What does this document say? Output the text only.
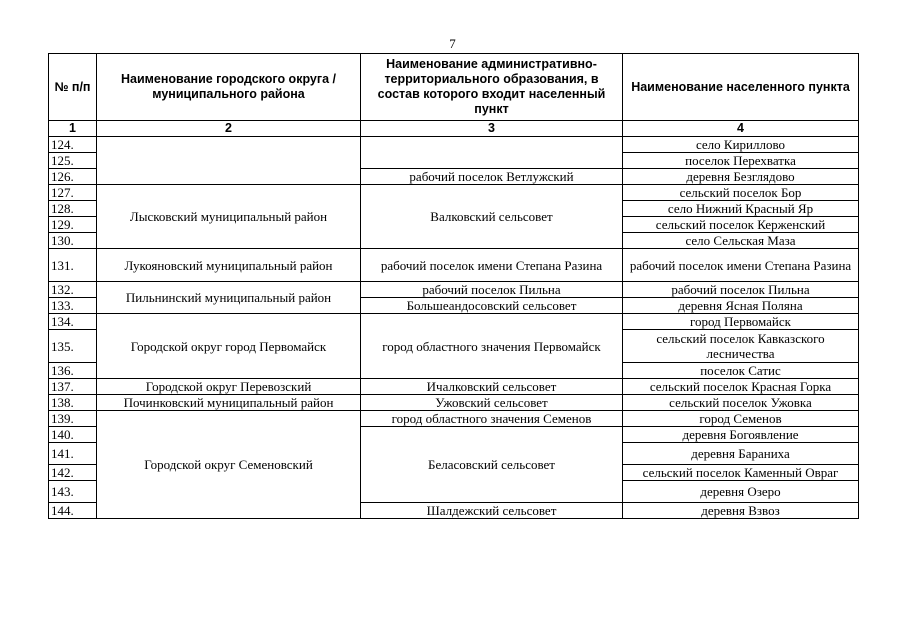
7
№ п/п	Наименование городского округа / муниципального района	Наименование административно-территориального образования, в состав которого входит населенный пункт	Наименование населенного пункта
1	2	3	4
124.			село Кириллово
125.			поселок Перехватка
126.		рабочий поселок Ветлужский	деревня Безглядово
127.	Лысковский муниципальный район	Валковский сельсовет	сельский поселок Бор
128.			село Нижний Красный Яр
129.			сельский поселок Керженский
130.			село Сельская Маза
131.	Лукояновский муниципальный район	рабочий поселок имени Степана Разина	рабочий поселок имени Степана Разина
132.	Пильнинский муниципальный район	рабочий поселок Пильна	рабочий поселок Пильна
133.		Большеандосовский сельсовет	деревня Ясная Поляна
134.	Городской округ город Первомайск	город областного значения Первомайск	город Первомайск
135.			сельский поселок Кавказского лесничества
136.			поселок Сатис
137.	Городской округ Перевозский	Ичалковский сельсовет	сельский поселок Красная Горка
138.	Починковский муниципальный район	Ужовский сельсовет	сельский поселок Ужовка
139.	Городской округ Семеновский	город областного значения Семенов	город Семенов
140.		Беласовский сельсовет	деревня Богоявление
141.			деревня Бараниха
142.			сельский поселок Каменный Овраг
143.			деревня Озеро
144.		Шалдежский сельсовет	деревня Взвоз
